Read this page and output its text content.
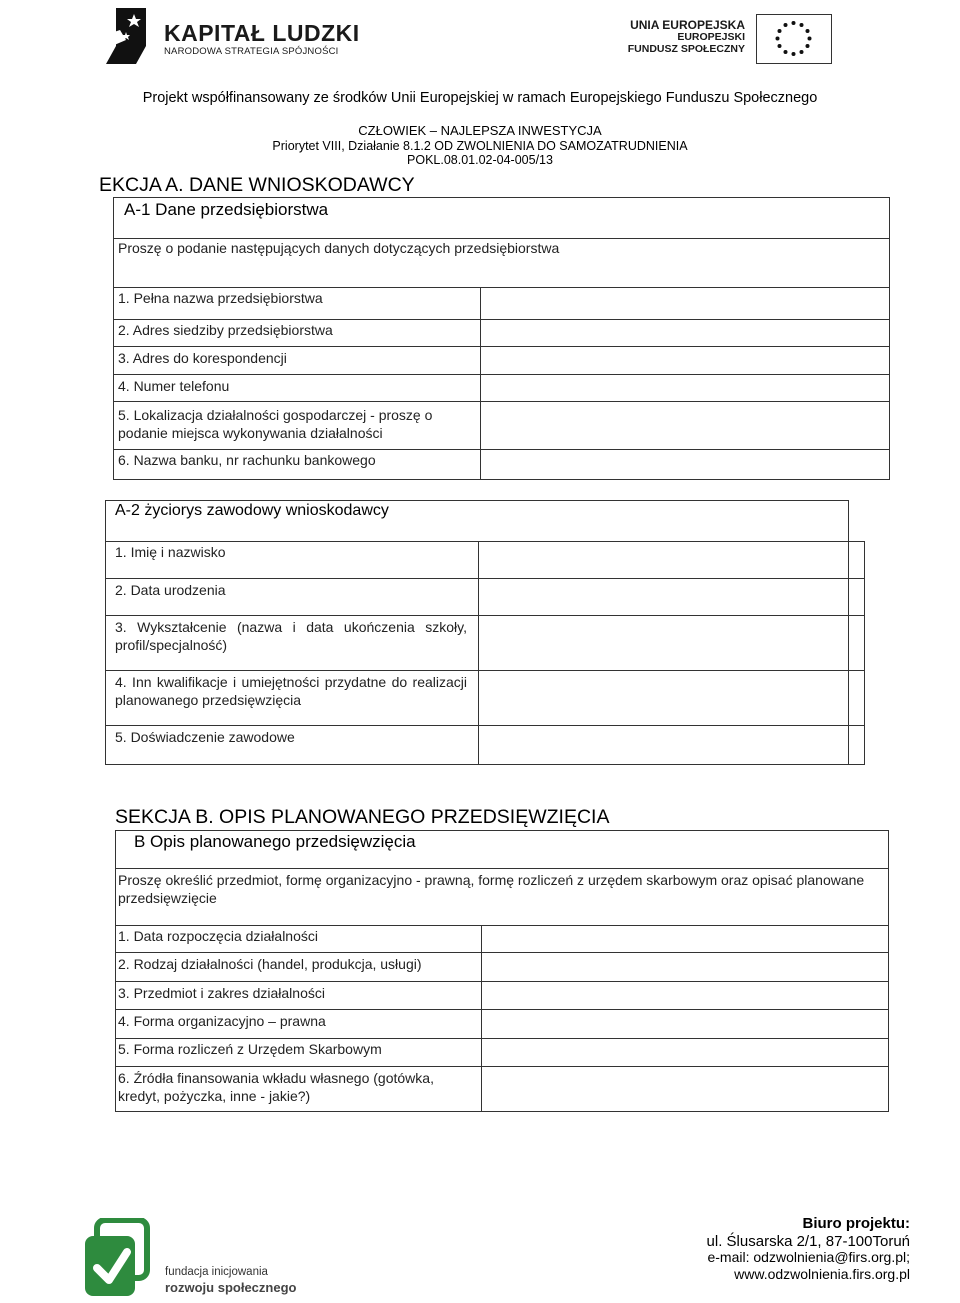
KAPITAŁ LUDZKI
NARODOWA STRATEGIA SPÓJNOŚCI
UNIA EUROPEJSKA
EUROPEJSKI
FUNDUSZ SPOŁECZNY
Projekt współfinansowany ze środków Unii Europejskiej w ramach Europejskiego Funduszu Społecznego
CZŁOWIEK – NAJLEPSZA INWESTYCJA
Priorytet VIII, Działanie 8.1.2 OD ZWOLNIENIA DO SAMOZATRUDNIENIA
POKL.08.01.02-04-005/13
EKCJA A. DANE WNIOSKODAWCY
A-1 Dane przedsiębiorstwa
Proszę o podanie następujących danych dotyczących przedsiębiorstwa
1. Pełna nazwa przedsiębiorstwa
2. Adres siedziby przedsiębiorstwa
3. Adres do korespondencji
4. Numer telefonu
5. Lokalizacja działalności gospodarczej - proszę o podanie miejsca wykonywania działalności
6. Nazwa banku, nr rachunku bankowego
A-2 życiorys zawodowy wnioskodawcy
1. Imię i nazwisko
2. Data urodzenia
3. Wykształcenie (nazwa i data ukończenia szkoły, profil/specjalność)
4. Inn kwalifikacje i umiejętności przydatne do realizacji planowanego przedsięwzięcia
5. Doświadczenie zawodowe
SEKCJA B. OPIS PLANOWANEGO PRZEDSIĘWZIĘCIA
B Opis planowanego przedsięwzięcia
Proszę określić przedmiot, formę organizacyjno - prawną, formę rozliczeń z urzędem skarbowym oraz opisać planowane przedsięwzięcie
1. Data rozpoczęcia działalności
2. Rodzaj działalności (handel, produkcja, usługi)
3. Przedmiot i zakres działalności
4. Forma organizacyjno – prawna
5. Forma rozliczeń z Urzędem Skarbowym
6. Źródła finansowania wkładu własnego (gotówka, kredyt, pożyczka, inne - jakie?)
fundacja inicjowania
rozwoju społecznego
Biuro projektu:
ul. Ślusarska 2/1, 87-100Toruń
e-mail: odzwolnienia@firs.org.pl;
www.odzwolnienia.firs.org.pl
